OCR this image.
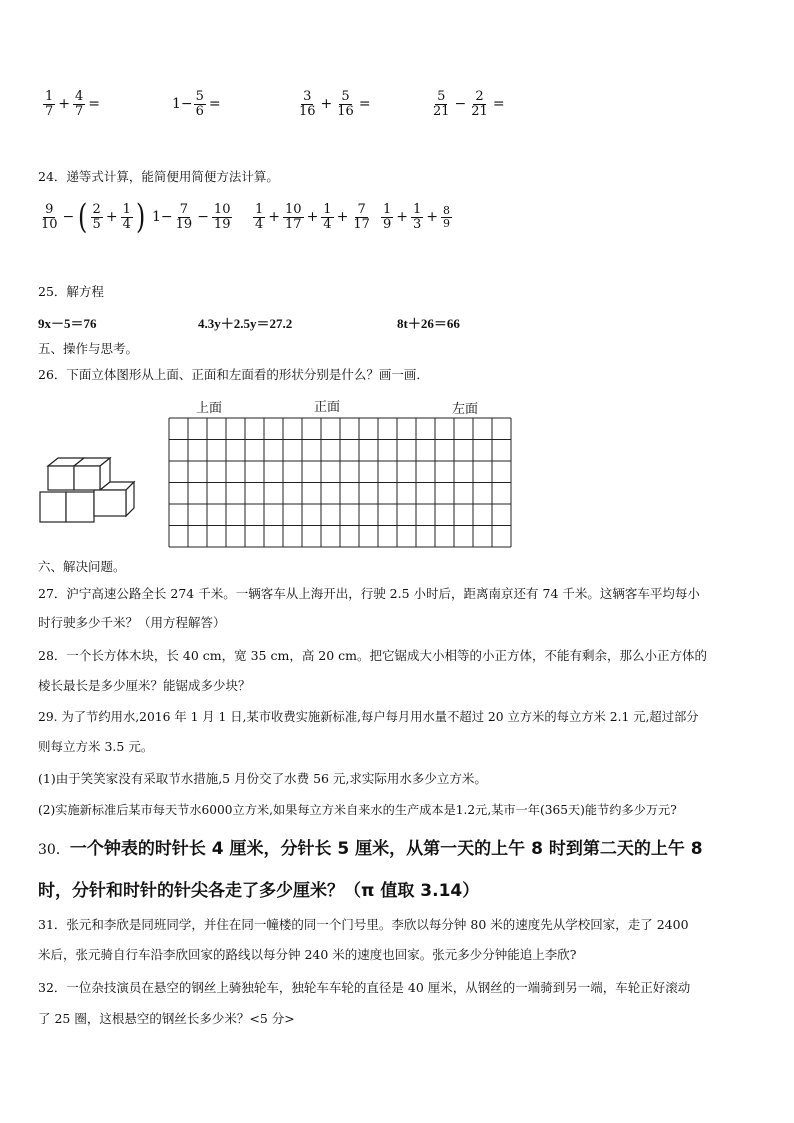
$\frac{1}{7} + \frac{4}{7}$ =	$1- \frac{5}{6}$ =	$\frac{3}{16} + \frac{5}{16}$ =	$\frac{5}{21} - \frac{2}{21}$ =
24．递等式计算，能简便用简便方法计算。
$\frac{9}{10}$ − ( $\frac{2}{5} + \frac{1}{4}$ ) $1- \frac{7}{19} - \frac{10}{19} \frac{1}{4} + \frac{10}{17} + \frac{1}{4} + \frac{7}{17} \frac{1}{9} + \frac{1}{3} + \frac{8}{9}$
25．解方程
9x－5＝76	4.3y＋2.5y＝27.2	8t＋26＝66
五、操作与思考。
26．下面立体图形从上面、正面和左面看的形状分别是什么？画一画．
上面	正面	左面
六、解决问题。
27．沪宁高速公路全长 274 千米。一辆客车从上海开出，行驶 2.5 小时后，距离南京还有 74 千米。这辆客车平均每小
时行驶多少千米？（用方程解答）
28．一个长方体木块，长 40 cm，宽 35 cm，高 20 cm。把它锯成大小相等的小正方体，不能有剩余，那么小正方体的
棱长最长是多少厘米？能锯成多少块？
29. 为了节约用水,2016 年 1 月 1 日,某市收费实施新标准,每户每月用水量不超过 20 立方米的每立方米 2.1 元,超过部分
则每立方米 3.5 元。
(1)由于笑笑家没有采取节水措施,5 月份交了水费 56 元,求实际用水多少立方米。
(2)实施新标准后某市每天节水6000立方米,如果每立方米自来水的生产成本是1.2元,某市一年(365天)能节约多少万元?
30．一个钟表的时针长 4 厘米，分针长 5 厘米，从第一天的上午 8 时到第二天的上午 8
时，分针和时针的针尖各走了多少厘米？（π 值取 3.14）
31．张元和李欣是同班同学，并住在同一幢楼的同一个门号里。李欣以每分钟 80 米的速度先从学校回家，走了 2400
米后，张元骑自行车沿李欣回家的路线以每分钟 240 米的速度也回家。张元多少分钟能追上李欣?
32．一位杂技演员在悬空的钢丝上骑独轮车，独轮车车轮的直径是 40 厘米，从钢丝的一端骑到另一端，车轮正好滚动
了 25 圈，这根悬空的钢丝长多少米？<5 分>
